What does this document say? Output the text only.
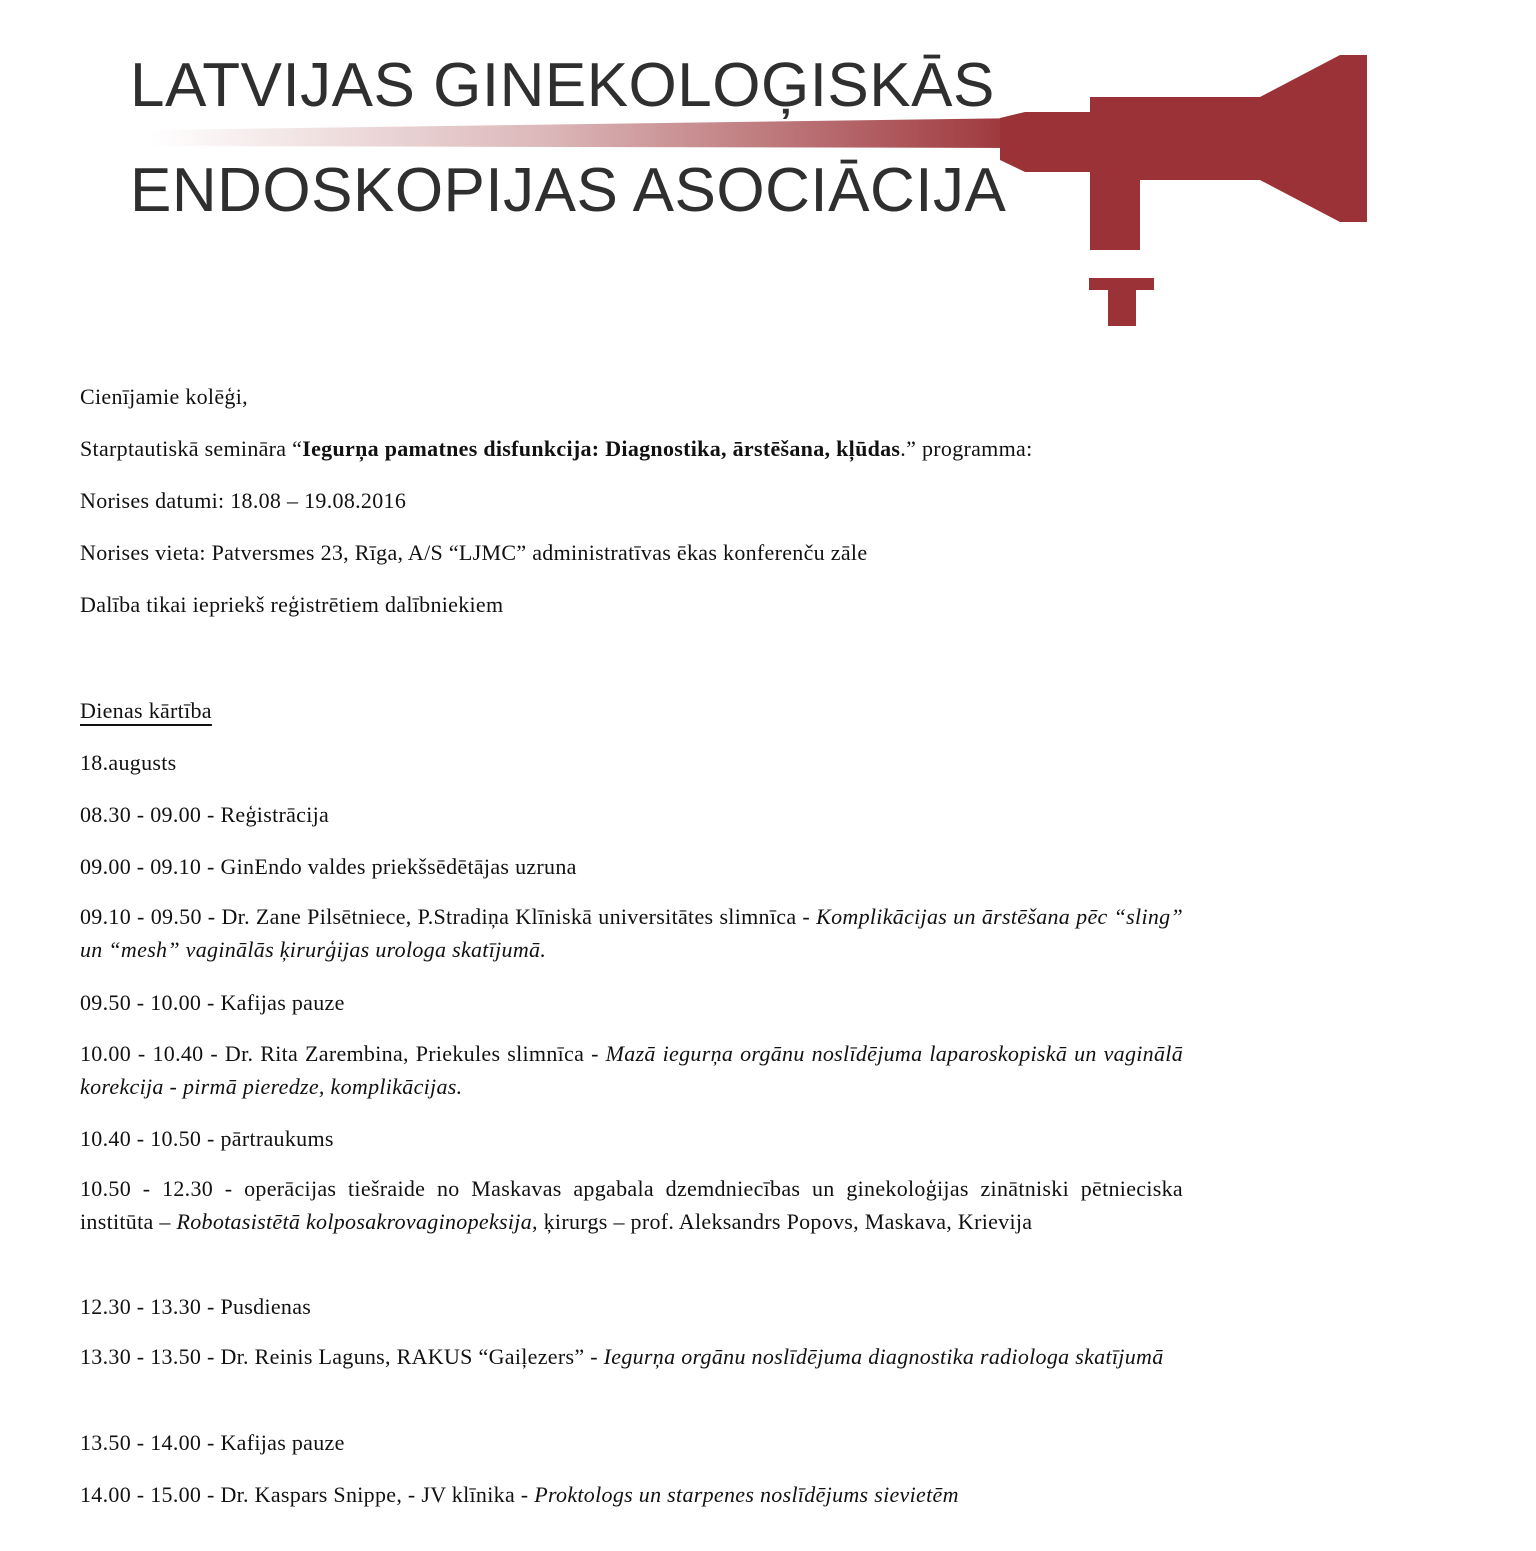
LATVIJAS GINEKOLOĢISKĀS
ENDOSKOPIJAS ASOCIĀCIJA
Cienījamie kolēģi,
Starptautiskā semināra “Iegurņa pamatnes disfunkcija: Diagnostika, ārstēšana, kļūdas.” programma:
Norises datumi: 18.08 – 19.08.2016
Norises vieta: Patversmes 23, Rīga, A/S “LJMC” administratīvas ēkas konferenču zāle
Dalība tikai iepriekš reģistrētiem dalībniekiem
Dienas kārtība
18.augusts
08.30 - 09.00 - Reģistrācija
09.00 - 09.10 - GinEndo valdes priekšsēdētājas uzruna
09.10 - 09.50 - Dr. Zane Pilsētniece, P.Stradiņa Klīniskā universitātes slimnīca - Komplikācijas un ārstēšana pēc “sling” un “mesh” vaginālās ķirurģijas urologa skatījumā.
09.50 - 10.00 - Kafijas pauze
10.00 - 10.40 - Dr. Rita Zarembina, Priekules slimnīca - Mazā iegurņa orgānu noslīdējuma laparoskopiskā un vaginālā korekcija - pirmā pieredze, komplikācijas.
10.40 - 10.50 - pārtraukums
10.50 - 12.30 - operācijas tiešraide no Maskavas apgabala dzemdniecības un ginekoloģijas zinātniski pētnieciska institūta – Robotasistētā kolposakrovaginopeksija, ķirurgs – prof. Aleksandrs Popovs, Maskava, Krievija
12.30 - 13.30 - Pusdienas
13.30 - 13.50 - Dr. Reinis Laguns, RAKUS “Gaiļezers” - Iegurņa orgānu noslīdējuma diagnostika radiologa skatījumā
13.50 - 14.00 - Kafijas pauze
14.00 - 15.00 - Dr. Kaspars Snippe, - JV klīnika - Proktologs un starpenes noslīdējums sievietēm
